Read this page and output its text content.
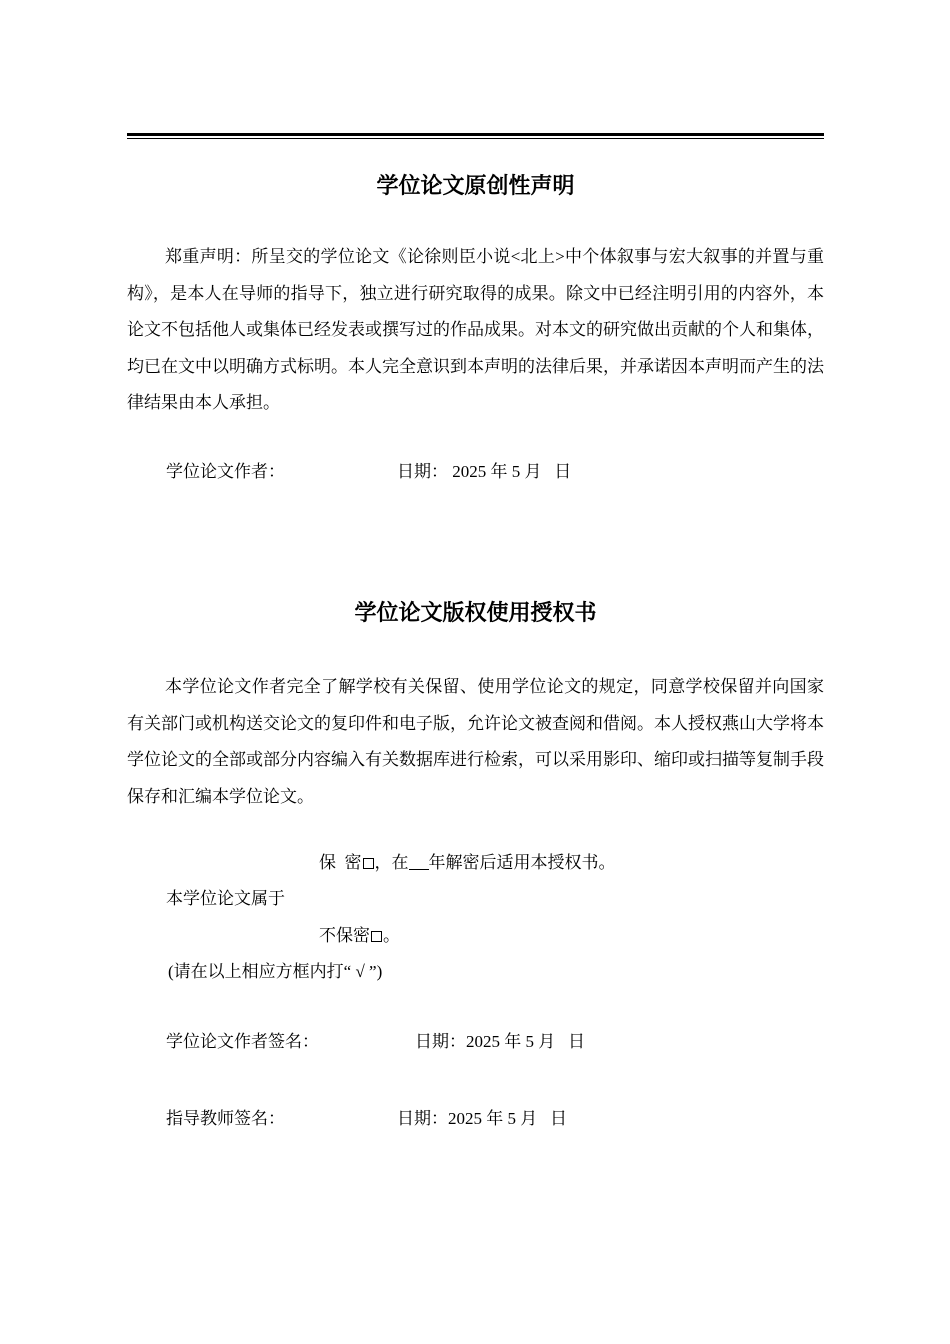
学位论文原创性声明

郑重声明：所呈交的学位论文《论徐则臣小说<北上>中个体叙事与宏大叙事的并置与重构》，是本人在导师的指导下，独立进行研究取得的成果。除文中已经注明引用的内容外，本论文不包括他人或集体已经发表或撰写过的作品成果。对本文的研究做出贡献的个人和集体，均已在文中以明确方式标明。本人完全意识到本声明的法律后果，并承诺因本声明而产生的法律结果由本人承担。

学位论文作者：	日期： 2025 年 5 月 日
学位论文版权使用授权书

本学位论文作者完全了解学校有关保留、使用学位论文的规定，同意学校保留并向国家有关部门或机构送交论文的复印件和电子版，允许论文被查阅和借阅。本人授权燕山大学将本学位论文的全部或部分内容编入有关数据库进行检索，可以采用影印、缩印或扫描等复制手段保存和汇编本学位论文。

保  密 ，在 年解密后适用本授权书。
本学位论文属于
不保密 。
(请在以上相应方框内打“ √ ”)
学位论文作者签名：	日期：2025 年 5 月 日
指导教师签名：	日期：2025 年 5 月 日
